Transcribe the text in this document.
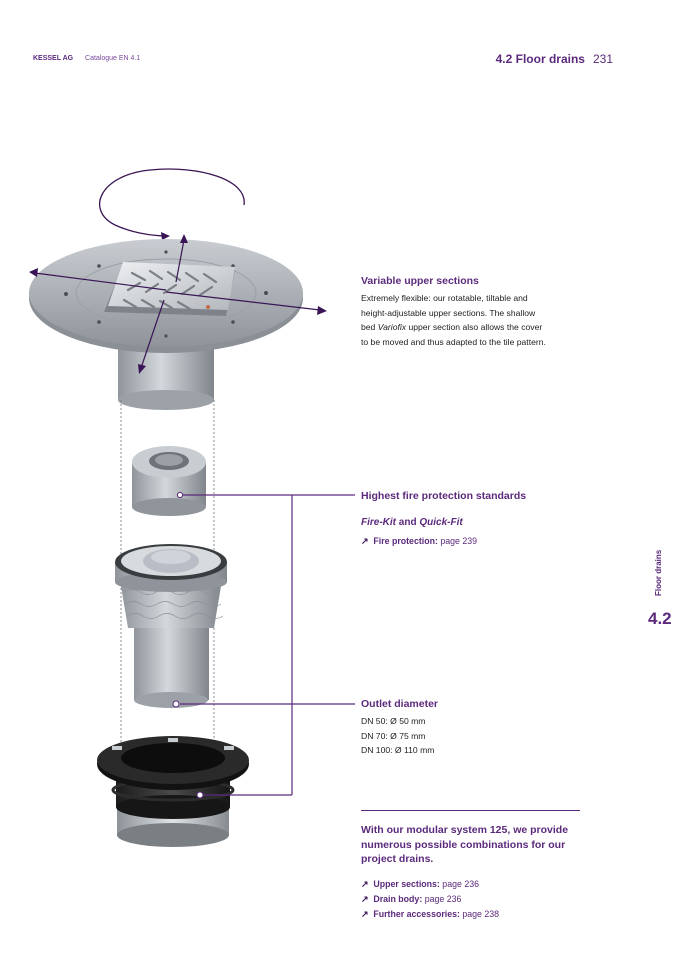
KESSEL AG Catalogue EN 4.1	4.2 Floor drains 231
Variable upper sections

Extremely flexible: our rotatable, tiltable and
height-adjustable upper sections. The shallow
bed Variofix upper section also allows the cover
to be moved and thus adapted to the tile pattern.

Highest fire protection standards
Fire-Kit and Quick-Fit
↗ Fire protection: page 239
Outlet diameter

DN 50: Ø 50 mm
DN 70: Ø 75 mm
DN 100: Ø 110 mm

With our modular system 125, we provide
numerous possible combinations for our
project drains.
↗ Upper sections: page 236
↗ Drain body: page 236
↗ Further accessories: page 238
Floor drains
4.2
